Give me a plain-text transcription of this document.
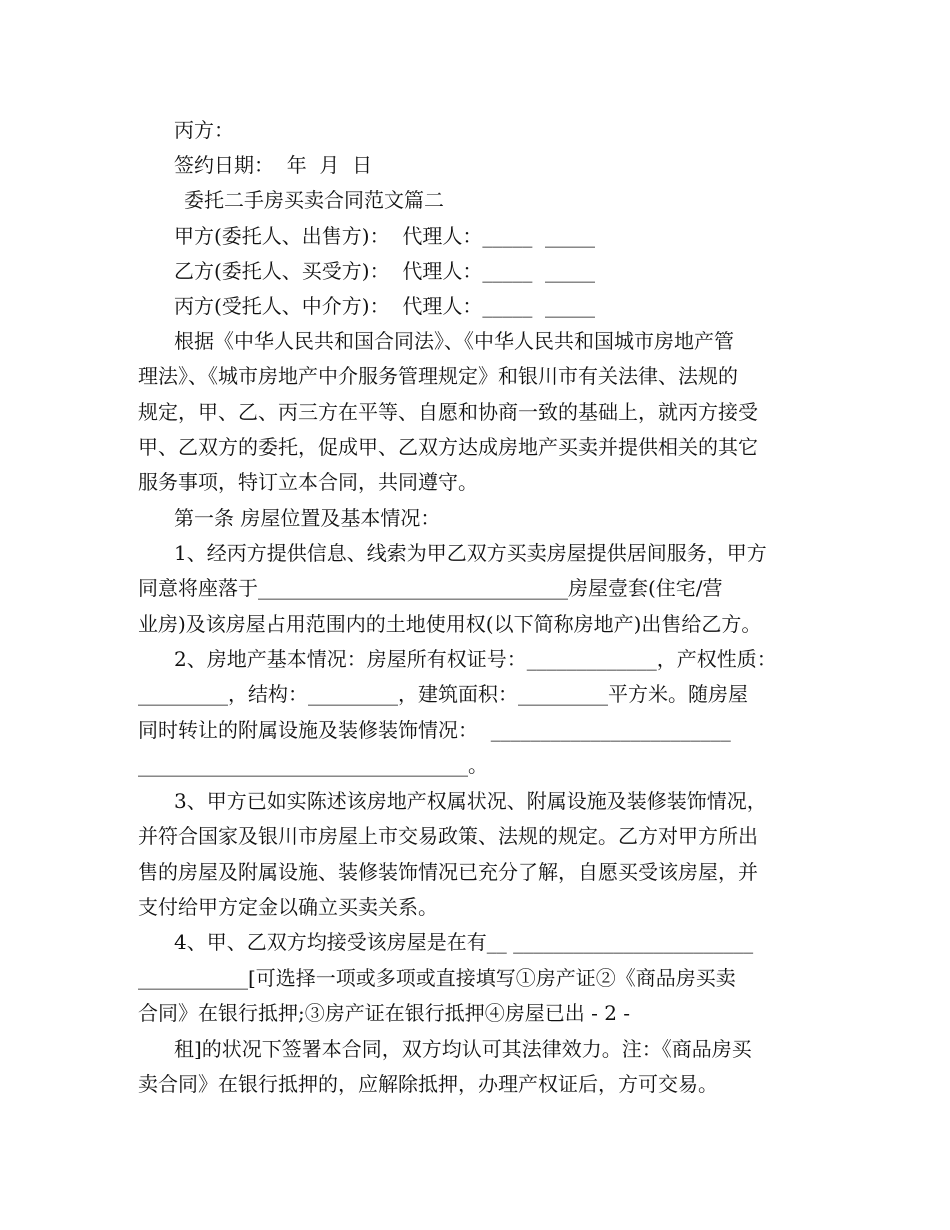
丙方：
签约日期：  年  月  日
委托二手房买卖合同范文篇二
甲方(委托人、出售方)：  代理人：_____  _____
乙方(委托人、买受方)：  代理人：_____  _____
丙方(受托人、中介方)：  代理人：_____  _____
根据《中华人民共和国合同法》、《中华人民共和国城市房地产管
理法》、《城市房地产中介服务管理规定》和银川市有关法律、法规的
规定，甲、乙、丙三方在平等、自愿和协商一致的基础上，就丙方接受
甲、乙双方的委托，促成甲、乙双方达成房地产买卖并提供相关的其它
服务事项，特订立本合同，共同遵守。
第一条 房屋位置及基本情况：
1、经丙方提供信息、线索为甲乙双方买卖房屋提供居间服务，甲方
同意将座落于_______________________________房屋壹套(住宅/营
业房)及该房屋占用范围内的土地使用权(以下简称房地产)出售给乙方。
2、房地产基本情况：房屋所有权证号：_____________，产权性质：
_________，结构：_________，建筑面积：_________平方米。随房屋
同时转让的附属设施及装修装饰情况：  ________________________
_________________________________。
3、甲方已如实陈述该房地产权属状况、附属设施及装修装饰情况，
并符合国家及银川市房屋上市交易政策、法规的规定。乙方对甲方所出
售的房屋及附属设施、装修装饰情况已充分了解，自愿买受该房屋，并
支付给甲方定金以确立买卖关系。
4、甲、乙双方均接受该房屋是在有__ ________________________
___________[可选择一项或多项或直接填写①房产证②《商品房买卖
合同》在银行抵押;③房产证在银行抵押④房屋已出 - 2 -
租]的状况下签署本合同，双方均认可其法律效力。注：《商品房买
卖合同》在银行抵押的，应解除抵押，办理产权证后，方可交易。
